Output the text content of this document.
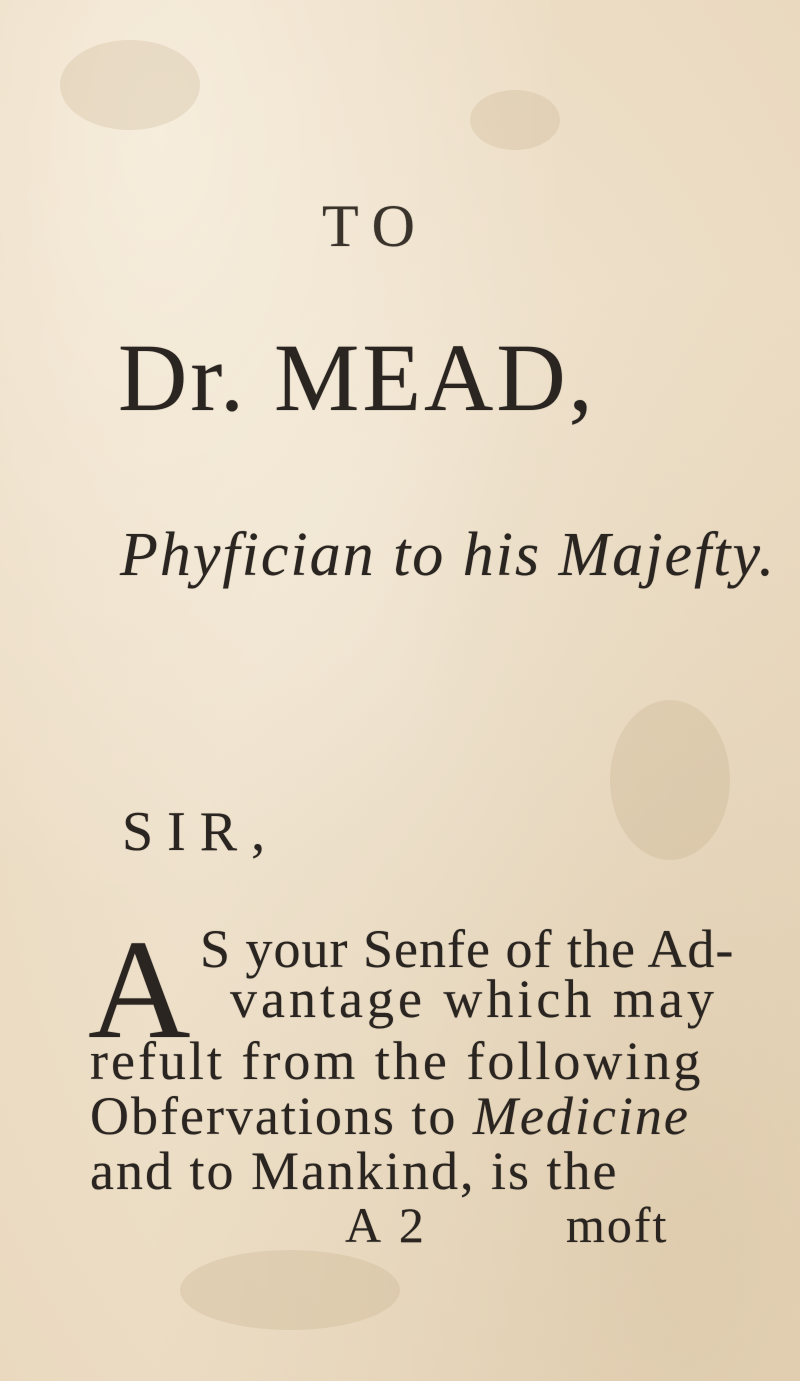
TO
Dr. MEAD,
Phyfician to his Majefty.
SIR,
A S your Senfe of the Ad-
vantage which may
refult from the following
Obfervations to Medicine
and to Mankind, is the
A 2	moft
